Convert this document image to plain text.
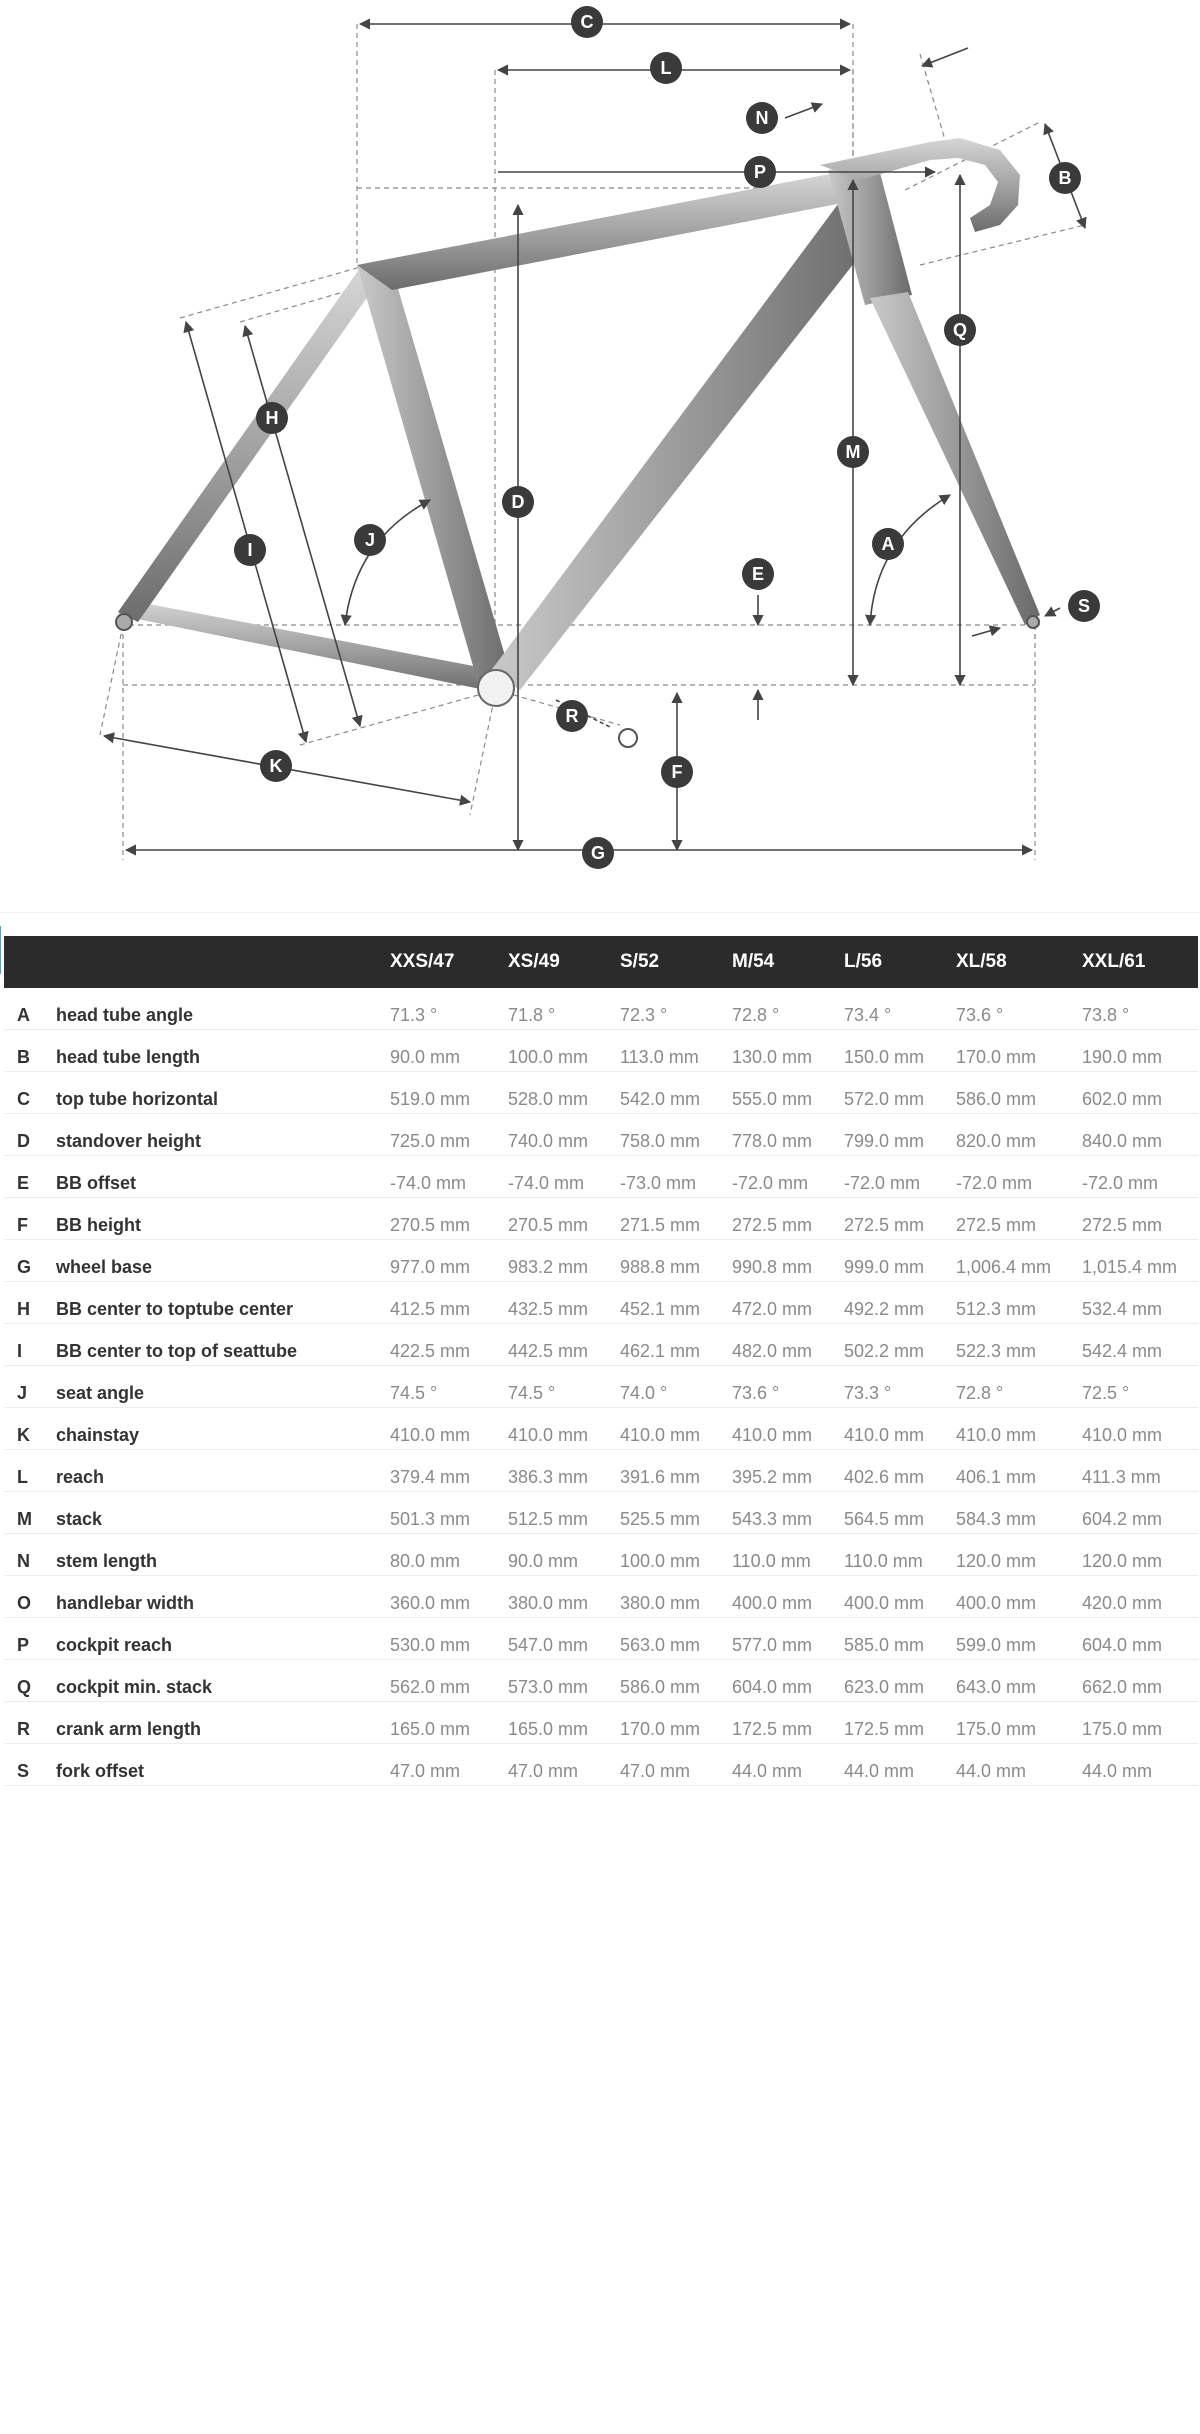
A
B
C
D
E
F
G
H
I	J
K
L
M
N
P
Q
R
S
		XXS/47	XS/49	S/52	M/54	L/56	XL/58	XXL/61
A	head tube angle	71.3 °	71.8 °	72.3 °	72.8 °	73.4 °	73.6 °	73.8 °
B	head tube length	90.0 mm	100.0 mm	113.0 mm	130.0 mm	150.0 mm	170.0 mm	190.0 mm
C	top tube horizontal	519.0 mm	528.0 mm	542.0 mm	555.0 mm	572.0 mm	586.0 mm	602.0 mm
D	standover height	725.0 mm	740.0 mm	758.0 mm	778.0 mm	799.0 mm	820.0 mm	840.0 mm
E	BB offset	-74.0 mm	-74.0 mm	-73.0 mm	-72.0 mm	-72.0 mm	-72.0 mm	-72.0 mm
F	BB height	270.5 mm	270.5 mm	271.5 mm	272.5 mm	272.5 mm	272.5 mm	272.5 mm
G	wheel base	977.0 mm	983.2 mm	988.8 mm	990.8 mm	999.0 mm	1,006.4 mm	1,015.4 mm
H	BB center to toptube center	412.5 mm	432.5 mm	452.1 mm	472.0 mm	492.2 mm	512.3 mm	532.4 mm
I	BB center to top of seattube	422.5 mm	442.5 mm	462.1 mm	482.0 mm	502.2 mm	522.3 mm	542.4 mm
J	seat angle	74.5 °	74.5 °	74.0 °	73.6 °	73.3 °	72.8 °	72.5 °
K	chainstay	410.0 mm	410.0 mm	410.0 mm	410.0 mm	410.0 mm	410.0 mm	410.0 mm
L	reach	379.4 mm	386.3 mm	391.6 mm	395.2 mm	402.6 mm	406.1 mm	411.3 mm
M	stack	501.3 mm	512.5 mm	525.5 mm	543.3 mm	564.5 mm	584.3 mm	604.2 mm
N	stem length	80.0 mm	90.0 mm	100.0 mm	110.0 mm	110.0 mm	120.0 mm	120.0 mm
O	handlebar width	360.0 mm	380.0 mm	380.0 mm	400.0 mm	400.0 mm	400.0 mm	420.0 mm
P	cockpit reach	530.0 mm	547.0 mm	563.0 mm	577.0 mm	585.0 mm	599.0 mm	604.0 mm
Q	cockpit min. stack	562.0 mm	573.0 mm	586.0 mm	604.0 mm	623.0 mm	643.0 mm	662.0 mm
R	crank arm length	165.0 mm	165.0 mm	170.0 mm	172.5 mm	172.5 mm	175.0 mm	175.0 mm
S	fork offset	47.0 mm	47.0 mm	47.0 mm	44.0 mm	44.0 mm	44.0 mm	44.0 mm
